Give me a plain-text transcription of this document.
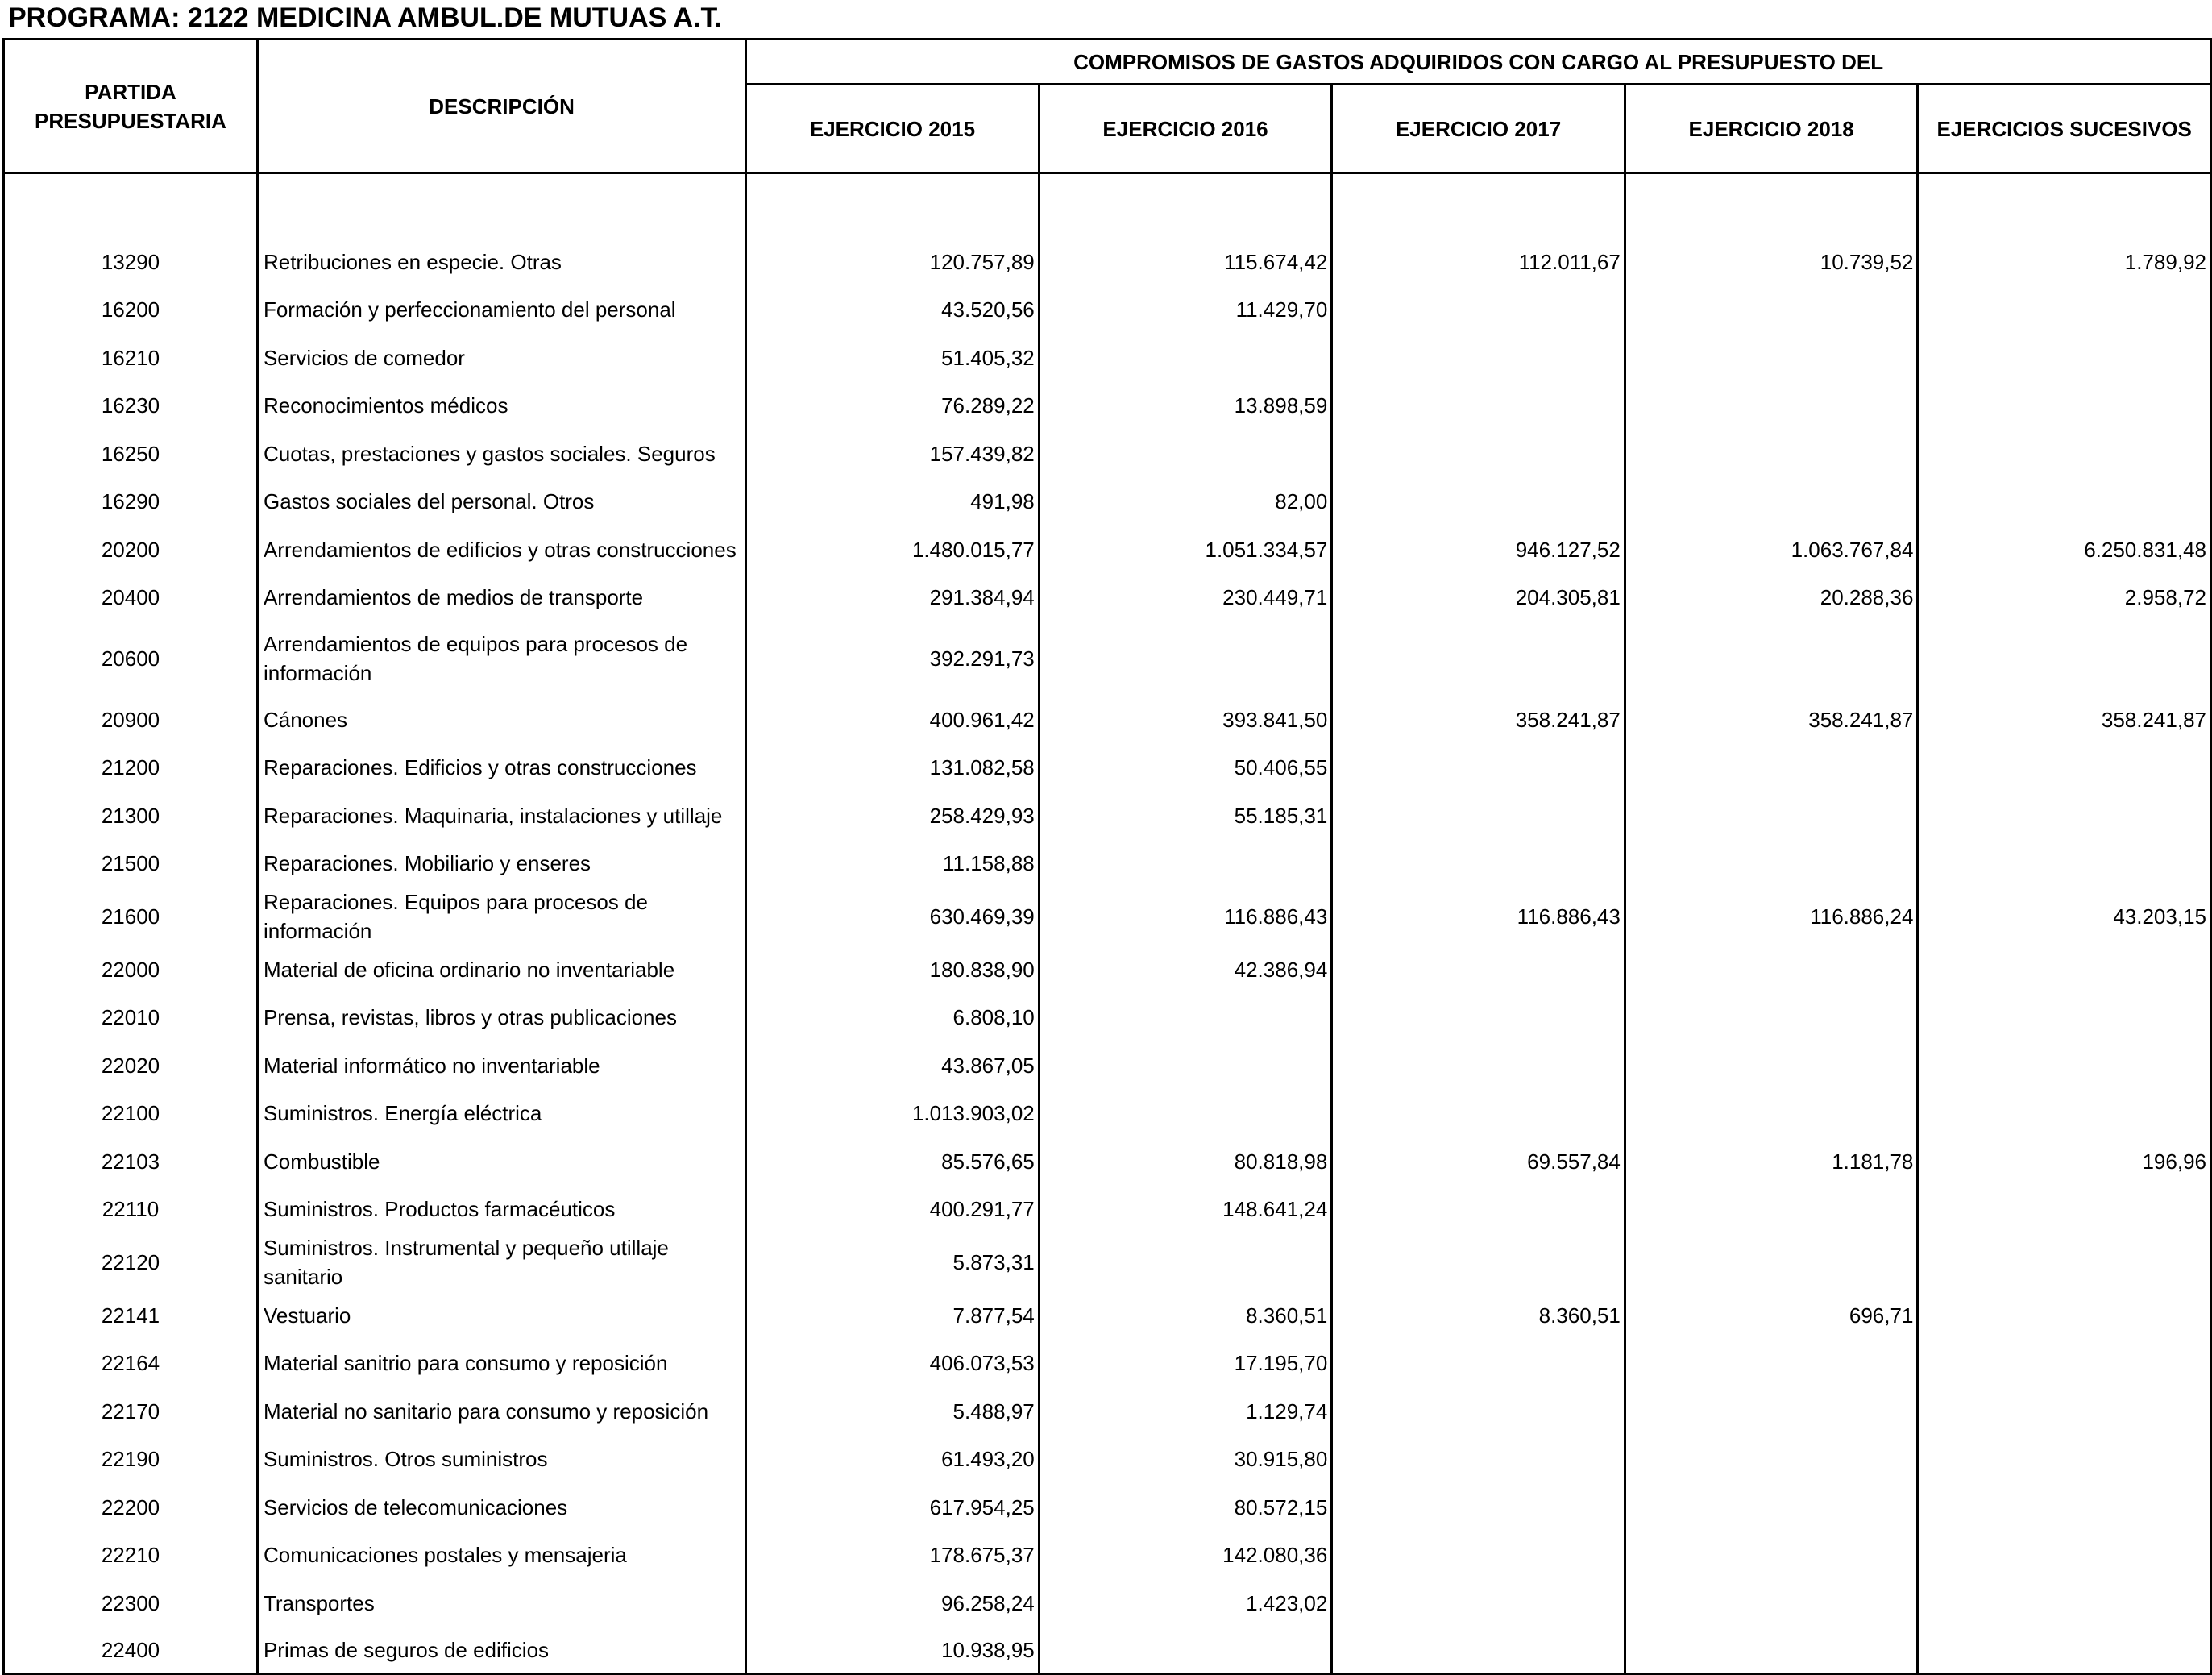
PROGRAMA: 2122 MEDICINA AMBUL.DE MUTUAS A.T.
PARTIDA PRESUPUESTARIA	DESCRIPCIÓN	COMPROMISOS DE GASTOS ADQUIRIDOS CON CARGO AL PRESUPUESTO DEL				
		EJERCICIO 2015	EJERCICIO 2016	EJERCICIO 2017	EJERCICIO 2018	EJERCICIOS SUCESIVOS

13290	Retribuciones en especie. Otras	120.757,89	115.674,42	112.011,67	10.739,52	1.789,92
16200	Formación y perfeccionamiento del personal	43.520,56	11.429,70			
16210	Servicios de comedor	51.405,32				
16230	Reconocimientos médicos	76.289,22	13.898,59			
16250	Cuotas, prestaciones y gastos sociales. Seguros	157.439,82				
16290	Gastos sociales del personal. Otros	491,98	82,00			
20200	Arrendamientos de edificios y otras construcciones	1.480.015,77	1.051.334,57	946.127,52	1.063.767,84	6.250.831,48
20400	Arrendamientos de medios de transporte	291.384,94	230.449,71	204.305,81	20.288,36	2.958,72
20600	Arrendamientos de equipos para procesos de información	392.291,73				
20900	Cánones	400.961,42	393.841,50	358.241,87	358.241,87	358.241,87
21200	Reparaciones. Edificios y otras construcciones	131.082,58	50.406,55			
21300	Reparaciones. Maquinaria, instalaciones y utillaje	258.429,93	55.185,31			
21500	Reparaciones. Mobiliario y enseres	11.158,88				
21600	Reparaciones. Equipos para procesos de información	630.469,39	116.886,43	116.886,43	116.886,24	43.203,15
22000	Material de oficina ordinario no inventariable	180.838,90	42.386,94			
22010	Prensa, revistas, libros y otras publicaciones	6.808,10				
22020	Material informático no inventariable	43.867,05				
22100	Suministros. Energía eléctrica	1.013.903,02				
22103	Combustible	85.576,65	80.818,98	69.557,84	1.181,78	196,96
22110	Suministros. Productos farmacéuticos	400.291,77	148.641,24			
22120	Suministros. Instrumental y pequeño utillaje sanitario	5.873,31				
22141	Vestuario	7.877,54	8.360,51	8.360,51	696,71	
22164	Material sanitrio para consumo y reposición	406.073,53	17.195,70			
22170	Material no sanitario para consumo y reposición	5.488,97	1.129,74			
22190	Suministros. Otros suministros	61.493,20	30.915,80			
22200	Servicios de telecomunicaciones	617.954,25	80.572,15			
22210	Comunicaciones postales y mensajeria	178.675,37	142.080,36			
22300	Transportes	96.258,24	1.423,02			
22400	Primas de seguros de edificios	10.938,95				
